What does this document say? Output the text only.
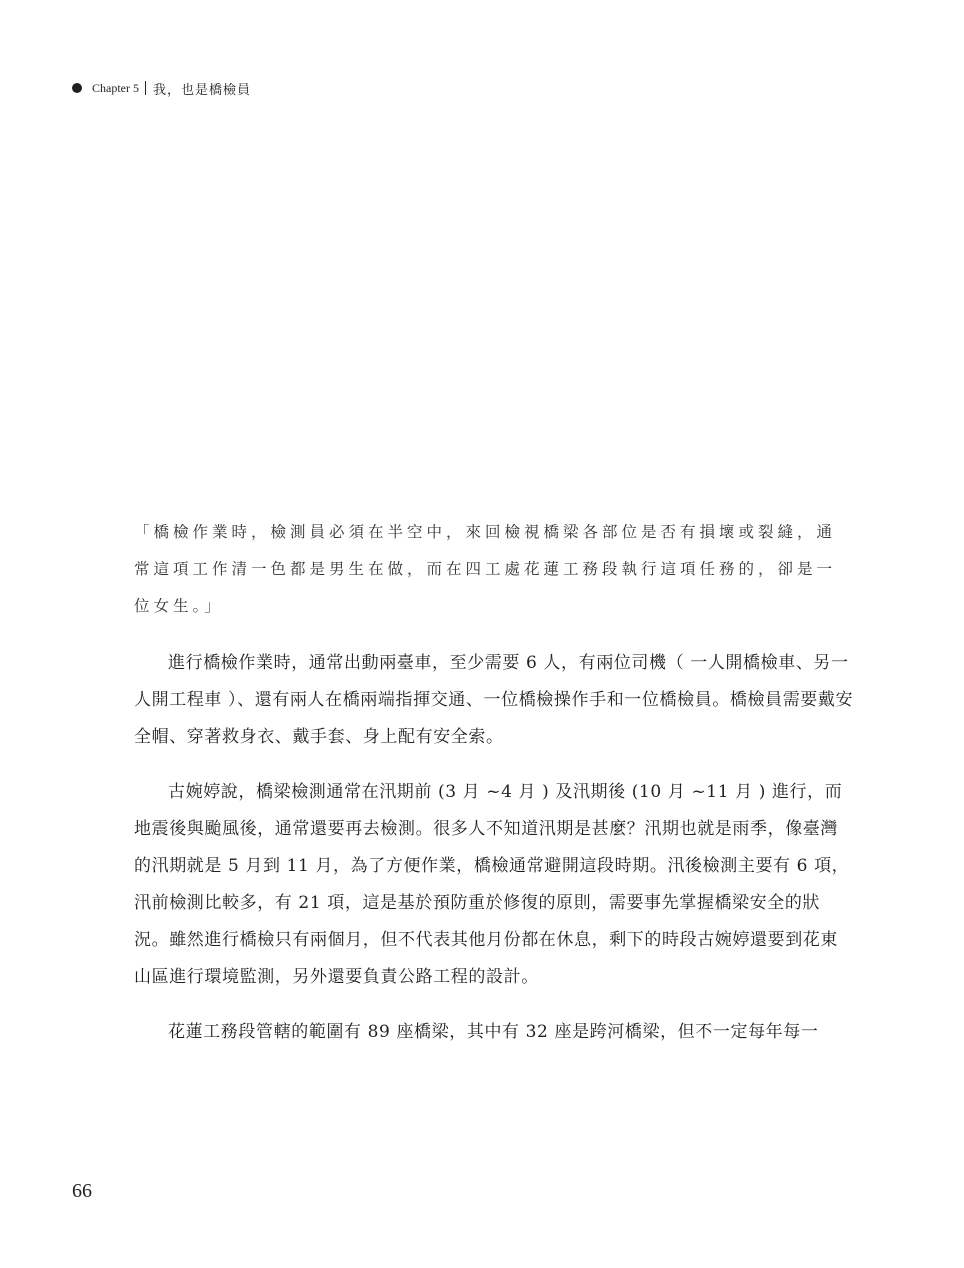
Chapter 5 我，也是橋檢員

「橋檢作業時，檢測員必須在半空中，來回檢視橋梁各部位是否有損壞或裂縫，通常這項工作清一色都是男生在做，而在四工處花蓮工務段執行這項任務的，卻是一位女生。」

進行橋檢作業時，通常出動兩臺車，至少需要 6 人，有兩位司機（ 一人開橋檢車、另一人開工程車 ）、還有兩人在橋兩端指揮交通、一位橋檢操作手和一位橋檢員。橋檢員需要戴安全帽、穿著救身衣、戴手套、身上配有安全索。

古婉婷說，橋梁檢測通常在汛期前 (3 月 ~4 月 ) 及汛期後 (10 月 ~11 月 ) 進行，而地震後與颱風後，通常還要再去檢測。很多人不知道汛期是甚麼？汛期也就是雨季，像臺灣的汛期就是 5 月到 11 月，為了方便作業，橋檢通常避開這段時期。汛後檢測主要有 6 項，汛前檢測比較多，有 21 項，這是基於預防重於修復的原則，需要事先掌握橋梁安全的狀況。雖然進行橋檢只有兩個月，但不代表其他月份都在休息，剩下的時段古婉婷還要到花東山區進行環境監測，另外還要負責公路工程的設計。

花蓮工務段管轄的範圍有 89 座橋梁，其中有 32 座是跨河橋梁，但不一定每年每一

66
